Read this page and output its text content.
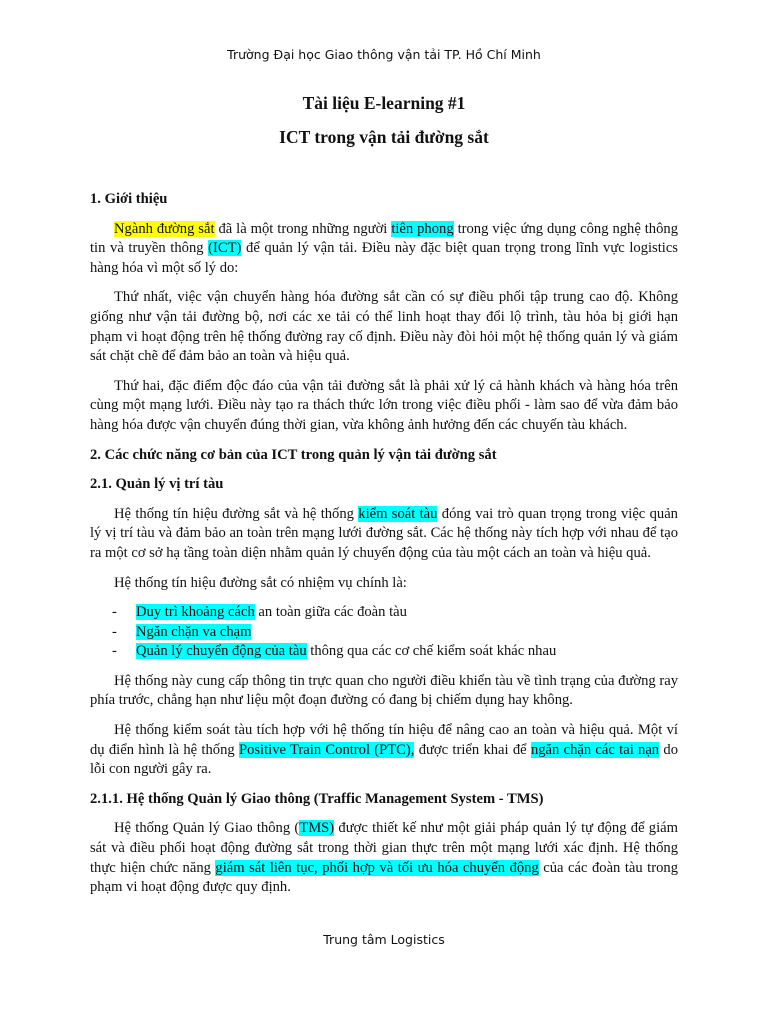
Trường Đại học Giao thông vận tải TP. Hồ Chí Minh
Tài liệu E-learning #1
ICT trong vận tải đường sắt
1. Giới thiệu

Ngành đường sắt đã là một trong những người tiên phong trong việc ứng dụng công nghệ thông tin và truyền thông (ICT) để quản lý vận tải. Điều này đặc biệt quan trọng trong lĩnh vực logistics hàng hóa vì một số lý do:

Thứ nhất, việc vận chuyển hàng hóa đường sắt cần có sự điều phối tập trung cao độ. Không giống như vận tải đường bộ, nơi các xe tải có thể linh hoạt thay đổi lộ trình, tàu hỏa bị giới hạn phạm vi hoạt động trên hệ thống đường ray cố định. Điều này đòi hỏi một hệ thống quản lý và giám sát chặt chẽ để đảm bảo an toàn và hiệu quả.

Thứ hai, đặc điểm độc đáo của vận tải đường sắt là phải xử lý cả hành khách và hàng hóa trên cùng một mạng lưới. Điều này tạo ra thách thức lớn trong việc điều phối - làm sao để vừa đảm bảo hàng hóa được vận chuyển đúng thời gian, vừa không ảnh hưởng đến các chuyến tàu khách.

2. Các chức năng cơ bản của ICT trong quản lý vận tải đường sắt
2.1. Quản lý vị trí tàu

Hệ thống tín hiệu đường sắt và hệ thống kiểm soát tàu đóng vai trò quan trọng trong việc quản lý vị trí tàu và đảm bảo an toàn trên mạng lưới đường sắt. Các hệ thống này tích hợp với nhau để tạo ra một cơ sở hạ tầng toàn diện nhằm quản lý chuyển động của tàu một cách an toàn và hiệu quả.

Hệ thống tín hiệu đường sắt có nhiệm vụ chính là:

- Duy trì khoảng cách an toàn giữa các đoàn tàu
- Ngăn chặn va chạm
- Quản lý chuyển động của tàu thông qua các cơ chế kiểm soát khác nhau

Hệ thống này cung cấp thông tin trực quan cho người điều khiển tàu về tình trạng của đường ray phía trước, chẳng hạn như liệu một đoạn đường có đang bị chiếm dụng hay không.

Hệ thống kiểm soát tàu tích hợp với hệ thống tín hiệu để nâng cao an toàn và hiệu quả. Một ví dụ điển hình là hệ thống Positive Train Control (PTC), được triển khai để ngăn chặn các tai nạn do lỗi con người gây ra.

2.1.1. Hệ thống Quản lý Giao thông (Traffic Management System - TMS)

Hệ thống Quản lý Giao thông (TMS) được thiết kế như một giải pháp quản lý tự động để giám sát và điều phối hoạt động đường sắt trong thời gian thực trên một mạng lưới xác định. Hệ thống thực hiện chức năng giám sát liên tục, phối hợp và tối ưu hóa chuyển động của các đoàn tàu trong phạm vi hoạt động được quy định.

Trung tâm Logistics
